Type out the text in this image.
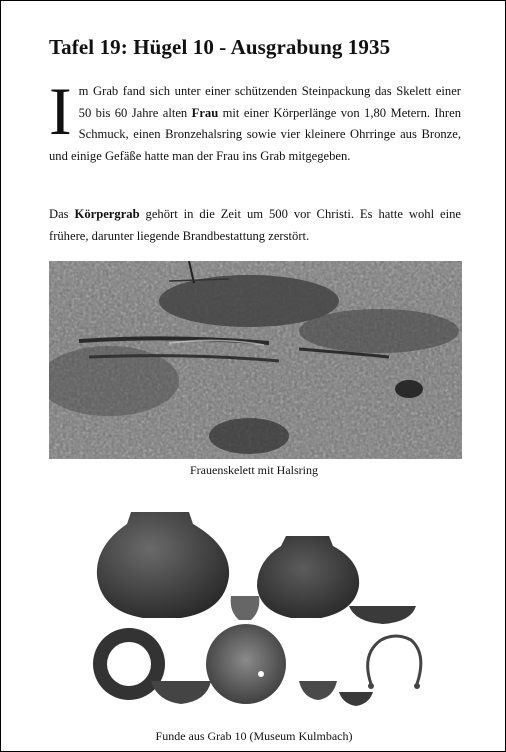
Tafel 19: Hügel 10 - Ausgrabung 1935
Im Grab fand sich unter einer schützenden Steinpackung das Skelett einer 50 bis 60 Jahre alten Frau mit einer Körperlänge von 1,80 Metern. Ihren Schmuck, einen Bronzehalsring sowie vier kleinere Ohrringe aus Bronze, und einige Gefäße hatte man der Frau ins Grab mitgegeben.
Das Körpergrab gehört in die Zeit um 500 vor Christi. Es hatte wohl eine frühere, darunter liegende Brandbestattung zerstört.
Frauenskelett mit Halsring
Funde aus Grab 10 (Museum Kulmbach)
